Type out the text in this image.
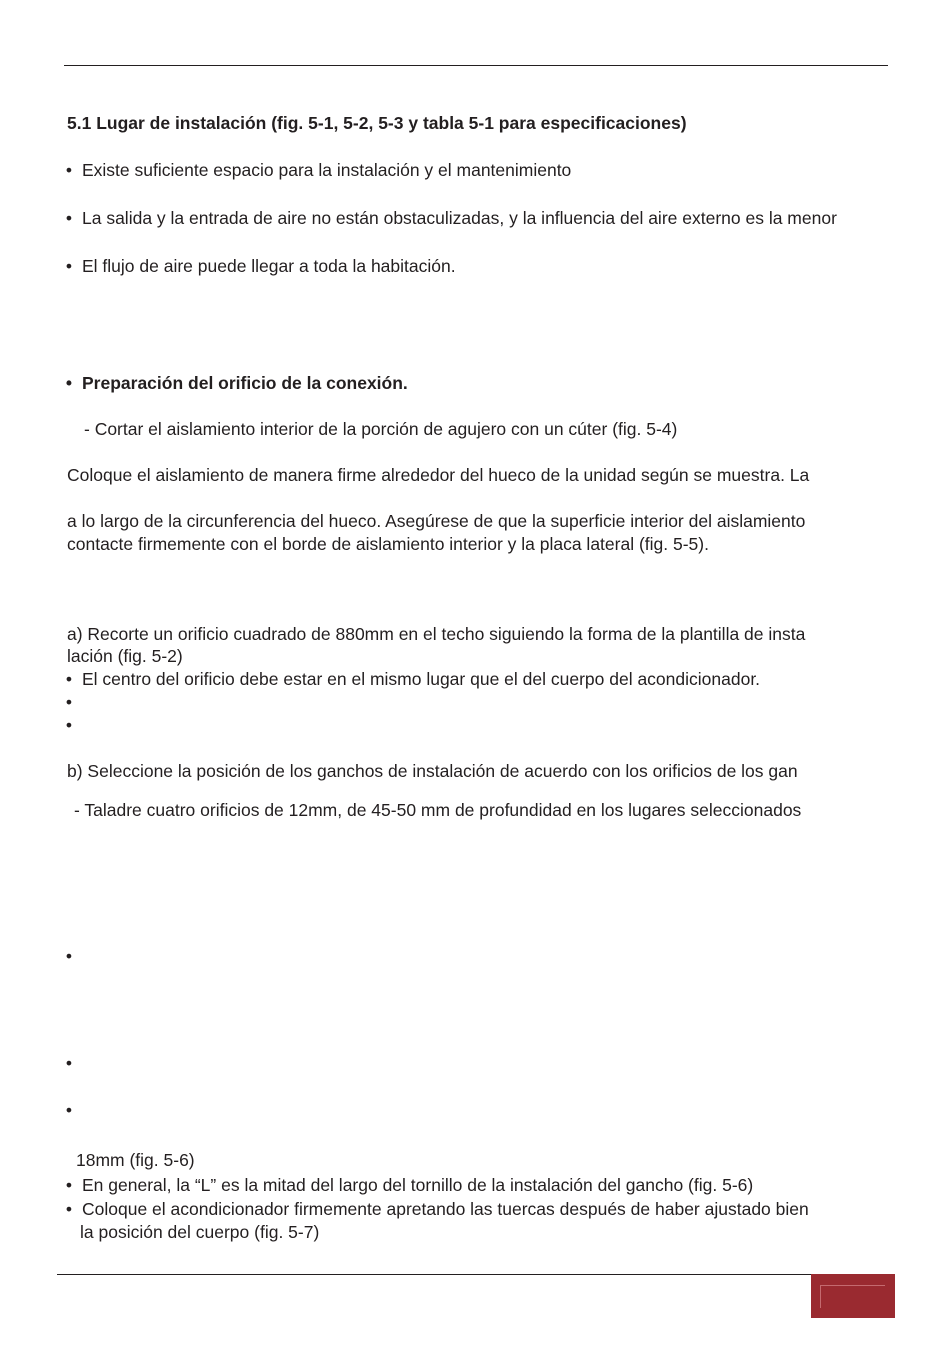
5.1 Lugar de instalación (fig. 5-1, 5-2, 5-3 y tabla 5-1 para especificaciones)
• Existe suficiente espacio para la instalación y el mantenimiento
• La salida y la entrada de aire no están obstaculizadas, y la influencia del aire externo es la menor
• El flujo de aire puede llegar a toda la habitación.
• Preparación del orificio de la conexión.
- Cortar el aislamiento interior de la porción de agujero con un cúter (fig. 5-4)
Coloque el aislamiento de manera firme alrededor del hueco de la unidad según se muestra. La
a lo largo de la circunferencia del hueco. Asegúrese de que la superficie interior del aislamiento
contacte firmemente con el borde de aislamiento interior y la placa lateral (fig. 5-5).
a) Recorte un orificio cuadrado de 880mm en el techo siguiendo la forma de la plantilla de insta
lación (fig. 5-2)
• El centro del orificio debe estar en el mismo lugar que el del cuerpo del acondicionador.
•
•
b) Seleccione la posición de los ganchos de instalación de acuerdo con los orificios de los gan
- Taladre cuatro orificios de 12mm, de 45-50 mm de profundidad en los lugares seleccionados
•
•
•
18mm (fig. 5-6)
• En general, la “L” es la mitad del largo del tornillo de la instalación del gancho (fig. 5-6)
• Coloque el acondicionador firmemente apretando las tuercas después de haber ajustado bien
la posición del cuerpo (fig. 5-7)
